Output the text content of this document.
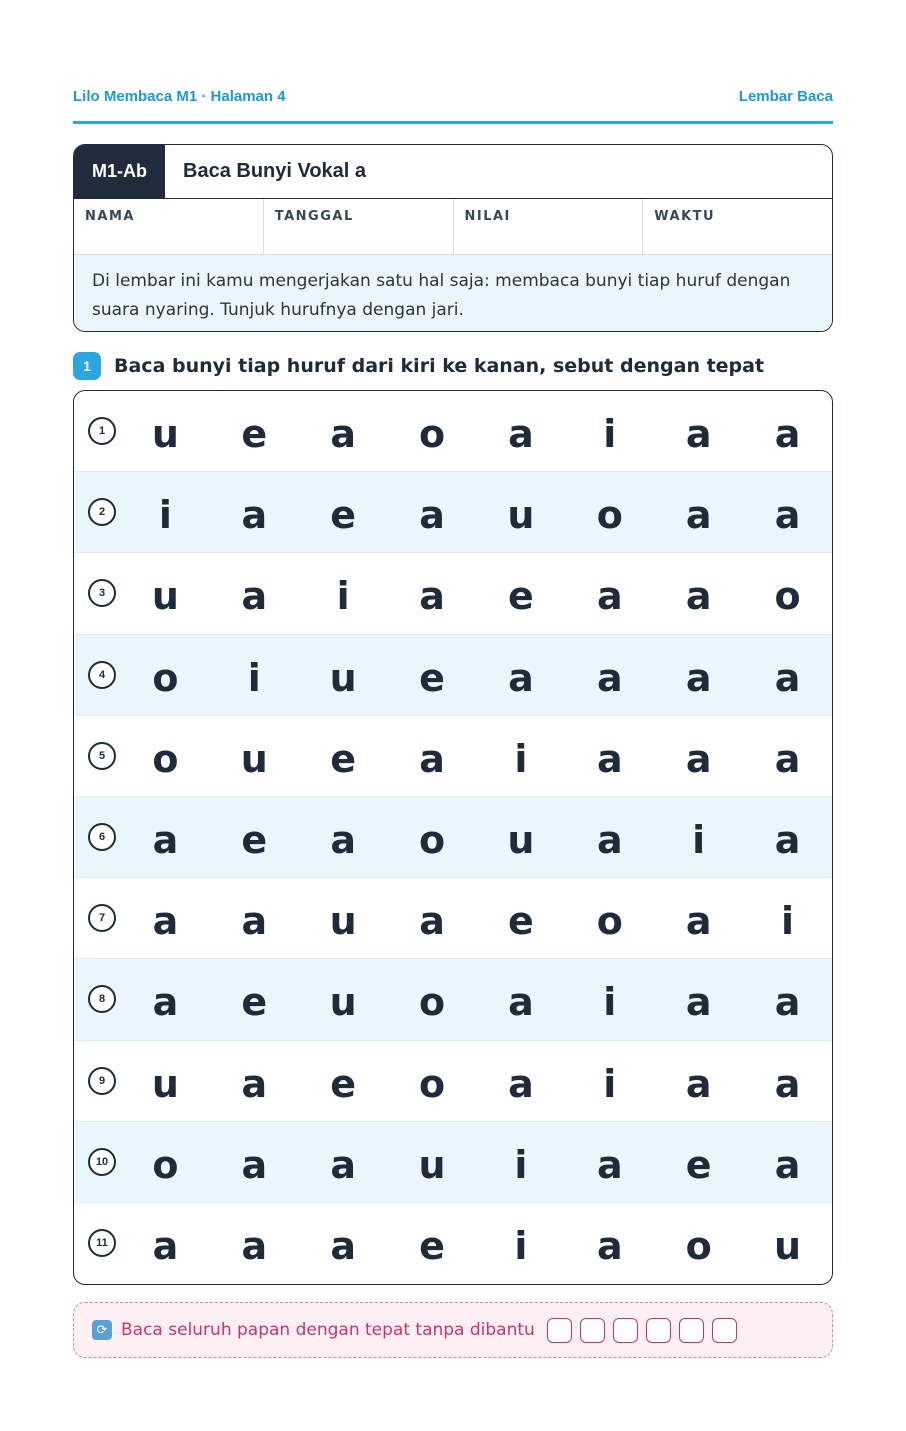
Lilo Membaca M1 · Halaman 4	Lembar Baca
M1-Ab	Baca Bunyi Vokal a
NAMA	TANGGAL	NILAI	WAKTU
Di lembar ini kamu mengerjakan satu hal saja: membaca bunyi tiap huruf dengan suara nyaring. Tunjuk hurufnya dengan jari.
1	Baca bunyi tiap huruf dari kiri ke kanan, sebut dengan tepat
1	u	e	a	o	a	i	a	a
2	i	a	e	a	u	o	a	a
3	u	a	i	a	e	a	a	o
4	o	i	u	e	a	a	a	a
5	o	u	e	a	i	a	a	a
6	a	e	a	o	u	a	i	a
7	a	a	u	a	e	o	a	i
8	a	e	u	o	a	i	a	a
9	u	a	e	o	a	i	a	a
10	o	a	a	u	i	a	e	a
11	a	a	a	e	i	a	o	u
⟳ Baca seluruh papan dengan tepat tanpa dibantu
